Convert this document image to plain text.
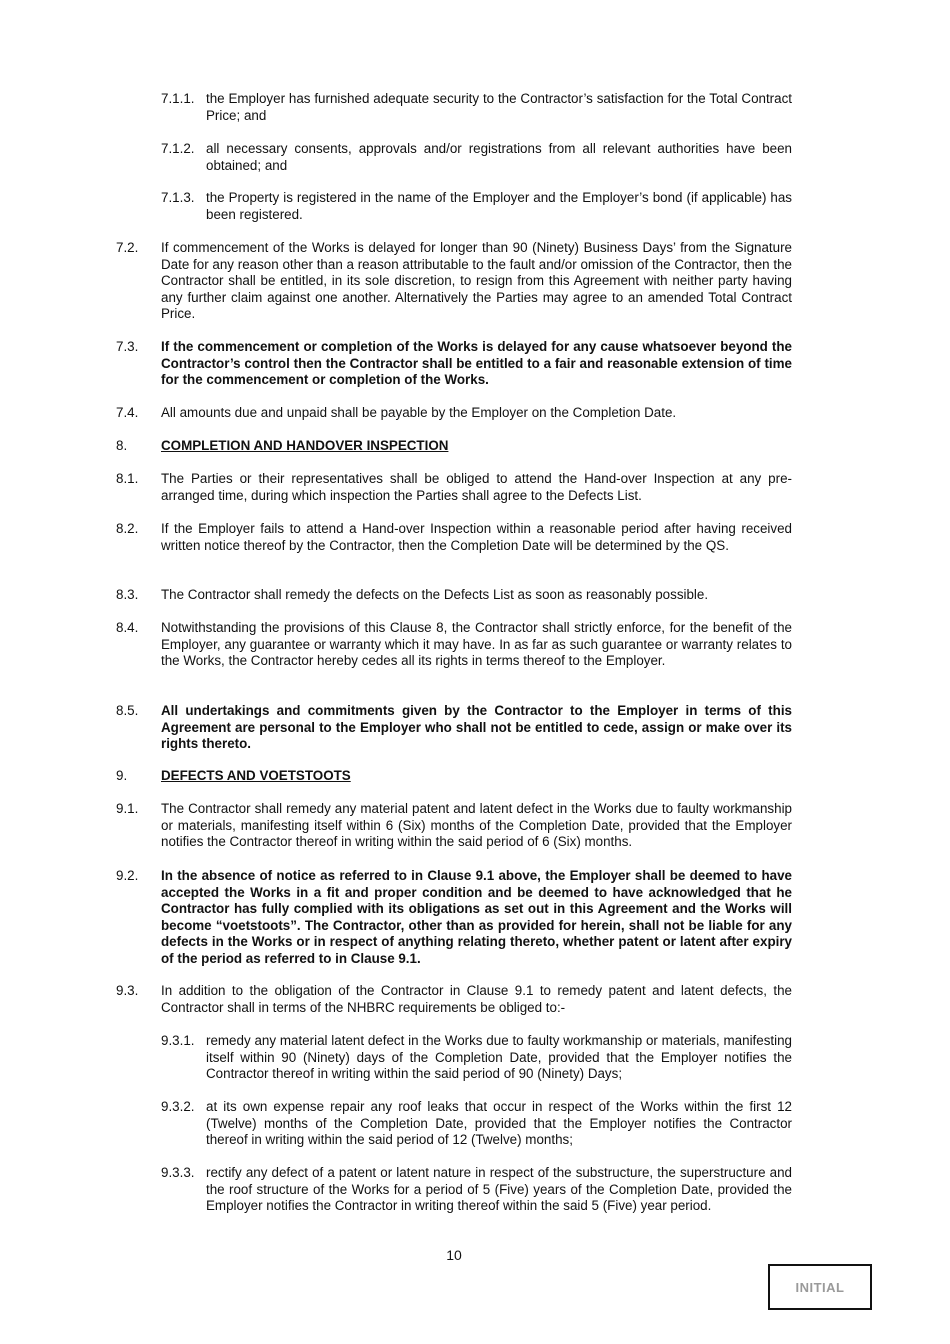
7.1.1. the Employer has furnished adequate security to the Contractor’s satisfaction for the Total Contract Price; and
7.1.2. all necessary consents, approvals and/or registrations from all relevant authorities have been obtained; and
7.1.3. the Property is registered in the name of the Employer and the Employer’s bond (if applicable) has been registered.
7.2. If commencement of the Works is delayed for longer than 90 (Ninety) Business Days’ from the Signature Date for any reason other than a reason attributable to the fault and/or omission of the Contractor, then the Contractor shall be entitled, in its sole discretion, to resign from this Agreement with neither party having any further claim against one another. Alternatively the Parties may agree to an amended Total Contract Price.
7.3. If the commencement or completion of the Works is delayed for any cause whatsoever beyond the Contractor’s control then the Contractor shall be entitled to a fair and reasonable extension of time for the commencement or completion of the Works.
7.4. All amounts due and unpaid shall be payable by the Employer on the Completion Date.
8.	COMPLETION AND HANDOVER INSPECTION
8.1. The Parties or their representatives shall be obliged to attend the Hand-over Inspection at any pre-arranged time, during which inspection the Parties shall agree to the Defects List.
8.2. If the Employer fails to attend a Hand-over Inspection within a reasonable period after having received written notice thereof by the Contractor, then the Completion Date will be determined by the QS.
8.3. The Contractor shall remedy the defects on the Defects List as soon as reasonably possible.
8.4. Notwithstanding the provisions of this Clause 8, the Contractor shall strictly enforce, for the benefit of the Employer, any guarantee or warranty which it may have. In as far as such guarantee or warranty relates to the Works, the Contractor hereby cedes all its rights in terms thereof to the Employer.
8.5. All undertakings and commitments given by the Contractor to the Employer in terms of this Agreement are personal to the Employer who shall not be entitled to cede, assign or make over its rights thereto.
9.	DEFECTS AND VOETSTOOTS
9.1. The Contractor shall remedy any material patent and latent defect in the Works due to faulty workmanship or materials, manifesting itself within 6 (Six) months of the Completion Date, provided that the Employer notifies the Contractor thereof in writing within the said period of 6 (Six) months.
9.2. In the absence of notice as referred to in Clause 9.1 above, the Employer shall be deemed to have accepted the Works in a fit and proper condition and be deemed to have acknowledged that he Contractor has fully complied with its obligations as set out in this Agreement and the Works will become “voetstoots”. The Contractor, other than as provided for herein, shall not be liable for any defects in the Works or in respect of anything relating thereto, whether patent or latent after expiry of the period as referred to in Clause 9.1.
9.3. In addition to the obligation of the Contractor in Clause 9.1 to remedy patent and latent defects, the Contractor shall in terms of the NHBRC requirements be obliged to:-
9.3.1. remedy any material latent defect in the Works due to faulty workmanship or materials, manifesting itself within 90 (Ninety) days of the Completion Date, provided that the Employer notifies the Contractor thereof in writing within the said period of 90 (Ninety) Days;
9.3.2. at its own expense repair any roof leaks that occur in respect of the Works within the first 12 (Twelve) months of the Completion Date, provided that the Employer notifies the Contractor thereof in writing within the said period of 12 (Twelve) months;
9.3.3. rectify any defect of a patent or latent nature in respect of the substructure, the superstructure and the roof structure of the Works for a period of 5 (Five) years of the Completion Date, provided the Employer notifies the Contractor in writing thereof within the said 5 (Five) year period.
10
INITIAL
